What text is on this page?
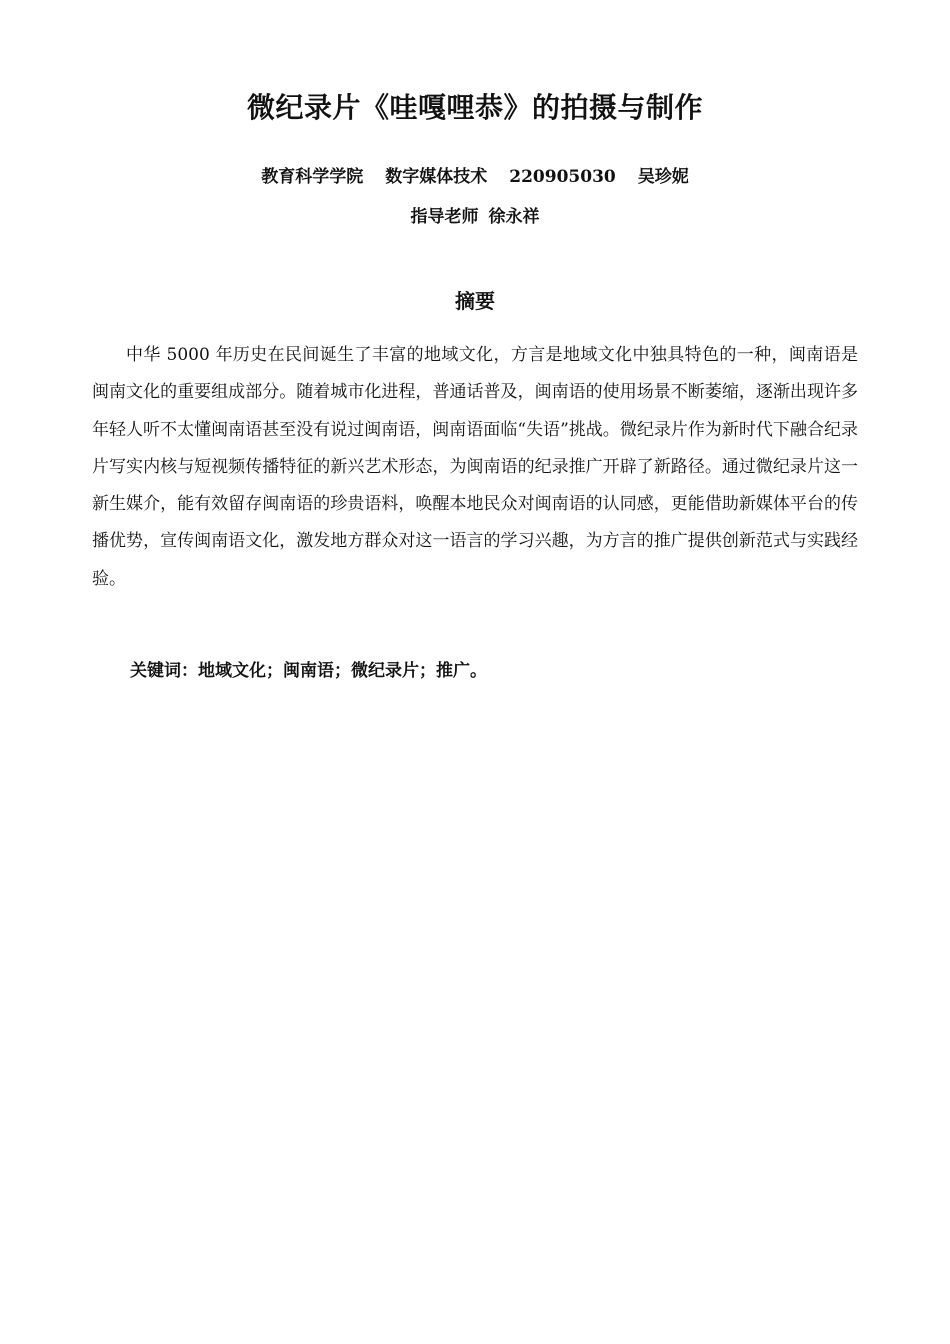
微纪录片《哇嘎哩恭》的拍摄与制作
教育科学学院 数字媒体技术 220905030 吴珍妮
指导老师 徐永祥
摘要

中华 5000 年历史在民间诞生了丰富的地域文化，方言是地域文化中独具特色的一种，闽南语是闽南文化的重要组成部分。随着城市化进程，普通话普及，闽南语的使用场景不断萎缩，逐渐出现许多年轻人听不太懂闽南语甚至没有说过闽南语，闽南语面临“失语”挑战。微纪录片作为新时代下融合纪录片写实内核与短视频传播特征的新兴艺术形态，为闽南语的纪录推广开辟了新路径。通过微纪录片这一新生媒介，能有效留存闽南语的珍贵语料，唤醒本地民众对闽南语的认同感，更能借助新媒体平台的传播优势，宣传闽南语文化，激发地方群众对这一语言的学习兴趣，为方言的推广提供创新范式与实践经验。

关键词：地域文化；闽南语；微纪录片；推广。
